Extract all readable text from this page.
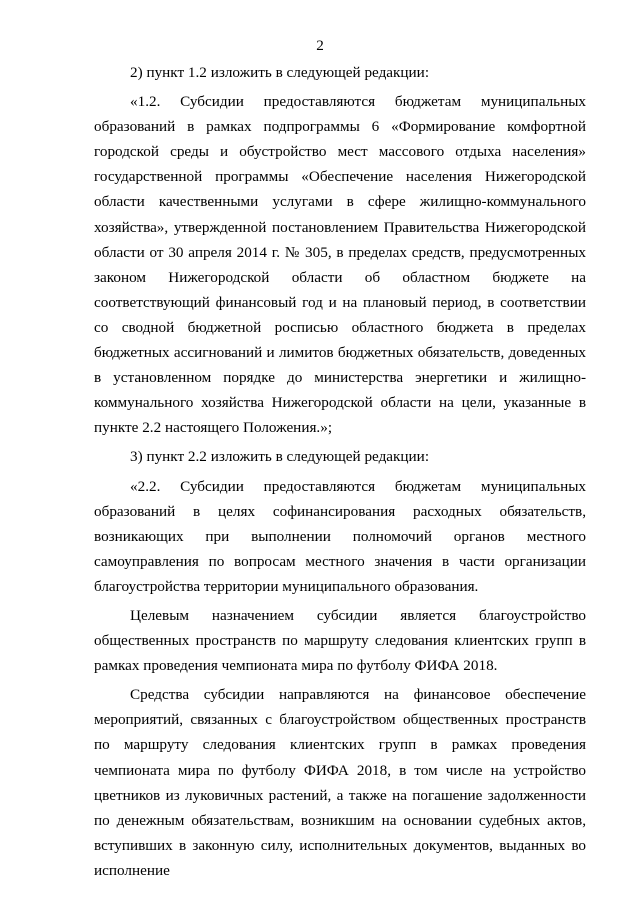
2

2) пункт 1.2 изложить в следующей редакции:

«1.2. Субсидии предоставляются бюджетам муниципальных образований в рамках подпрограммы 6 «Формирование комфортной городской среды и обустройство мест массового отдыха населения» государственной программы «Обеспечение населения Нижегородской области качественными услугами в сфере жилищно-коммунального хозяйства», утвержденной постановлением Правительства Нижегородской области от 30 апреля 2014 г. № 305, в пределах средств, предусмотренных законом Нижегородской области об областном бюджете на соответствующий финансовый год и на плановый период, в соответствии со сводной бюджетной росписью областного бюджета в пределах бюджетных ассигнований и лимитов бюджетных обязательств, доведенных в установленном порядке до министерства энергетики и жилищно-коммунального хозяйства Нижегородской области на цели, указанные в пункте 2.2 настоящего Положения.»;

3) пункт 2.2 изложить в следующей редакции:

«2.2. Субсидии предоставляются бюджетам муниципальных образований в целях софинансирования расходных обязательств, возникающих при выполнении полномочий органов местного самоуправления по вопросам местного значения в части организации благоустройства территории муниципального образования.

Целевым назначением субсидии является благоустройство общественных пространств по маршруту следования клиентских групп в рамках проведения чемпионата мира по футболу ФИФА 2018.

Средства субсидии направляются на финансовое обеспечение мероприятий, связанных с благоустройством общественных пространств по маршруту следования клиентских групп в рамках проведения чемпионата мира по футболу ФИФА 2018, в том числе на устройство цветников из луковичных растений, а также на погашение задолженности по денежным обязательствам, возникшим на основании судебных актов, вступивших в законную силу, исполнительных документов, выданных во исполнение
